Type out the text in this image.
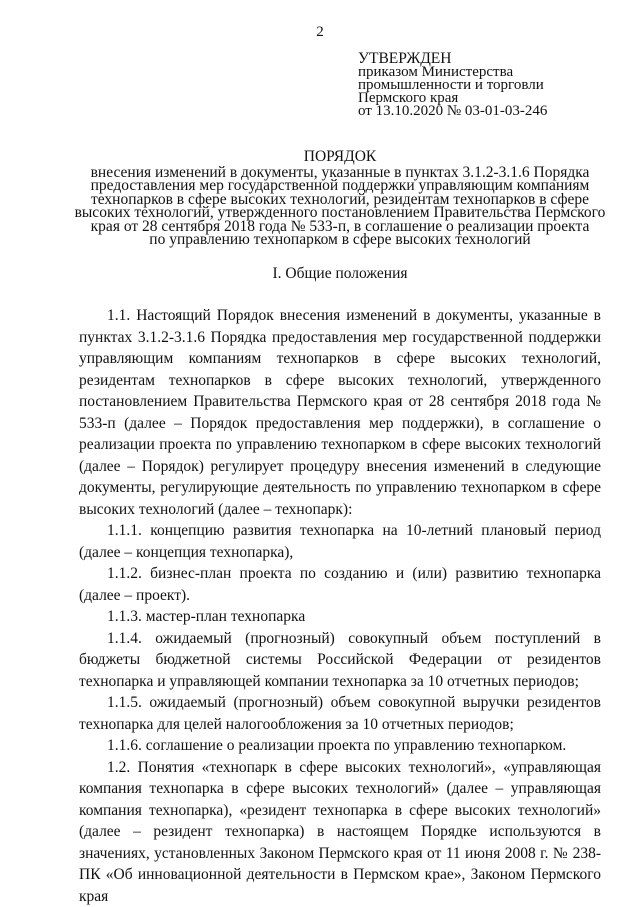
2
УТВЕРЖДЕН
приказом Министерства
промышленности и торговли
Пермского края
от 13.10.2020 № 03-01-03-246
ПОРЯДОК
внесения изменений в документы, указанные в пунктах 3.1.2-3.1.6 Порядка
предоставления мер государственной поддержки управляющим компаниям
технопарков в сфере высоких технологий, резидентам технопарков в сфере
высоких технологий, утвержденного постановлением Правительства Пермского
края от 28 сентября 2018 года № 533-п, в соглашение о реализации проекта
по управлению технопарком в сфере высоких технологий
I. Общие положения

1.1. Настоящий Порядок внесения изменений в документы, указанные в пунктах 3.1.2-3.1.6 Порядка предоставления мер государственной поддержки управляющим компаниям технопарков в сфере высоких технологий, резидентам технопарков в сфере высоких технологий, утвержденного постановлением Правительства Пермского края от 28 сентября 2018 года № 533-п (далее – Порядок предоставления мер поддержки), в соглашение о реализации проекта по управлению технопарком в сфере высоких технологий (далее – Порядок) регулирует процедуру внесения изменений в следующие документы, регулирующие деятельность по управлению технопарком в сфере высоких технологий (далее – технопарк):

1.1.1. концепцию развития технопарка на 10-летний плановый период (далее – концепция технопарка),

1.1.2. бизнес-план проекта по созданию и (или) развитию технопарка (далее – проект).

1.1.3. мастер-план технопарка

1.1.4. ожидаемый (прогнозный) совокупный объем поступлений в бюджеты бюджетной системы Российской Федерации от резидентов технопарка и управляющей компании технопарка за 10 отчетных периодов;

1.1.5. ожидаемый (прогнозный) объем совокупной выручки резидентов технопарка для целей налогообложения за 10 отчетных периодов;

1.1.6. соглашение о реализации проекта по управлению технопарком.

1.2. Понятия «технопарк в сфере высоких технологий», «управляющая компания технопарка в сфере высоких технологий» (далее – управляющая компания технопарка), «резидент технопарка в сфере высоких технологий» (далее – резидент технопарка) в настоящем Порядке используются в значениях, установленных Законом Пермского края от 11 июня 2008 г. № 238-ПК «Об инновационной деятельности в Пермском крае», Законом Пермского края
